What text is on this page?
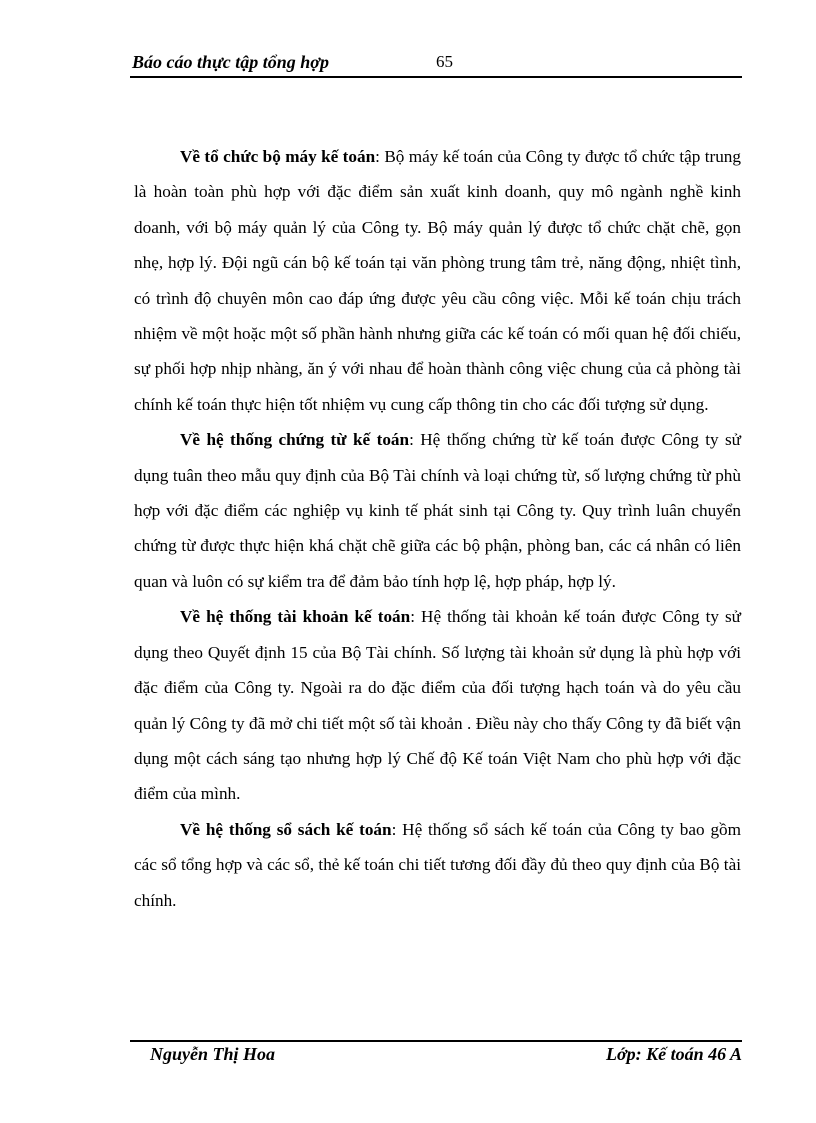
Báo cáo thực tập tổng hợp	65

Về tổ chức bộ máy kế toán: Bộ máy kế toán của Công ty được tổ chức tập trung là hoàn toàn phù hợp với đặc điểm sản xuất kinh doanh, quy mô ngành nghề kinh doanh, với bộ máy quản lý của Công ty. Bộ máy quản lý được tổ chức chặt chẽ, gọn nhẹ, hợp lý. Đội ngũ cán bộ kế toán tại văn phòng trung tâm trẻ, năng động, nhiệt tình, có trình độ chuyên môn cao đáp ứng được yêu cầu công việc. Mỗi kế toán chịu trách nhiệm về một hoặc một số phần hành nhưng giữa các kế toán có mối quan hệ đối chiếu, sự phối hợp nhịp nhàng, ăn ý với nhau để hoàn thành công việc chung của cả phòng tài chính kế toán thực hiện tốt nhiệm vụ cung cấp thông tin cho các đối tượng sử dụng.

Về hệ thống chứng từ kế toán: Hệ thống chứng từ kế toán được Công ty sử dụng tuân theo mẫu quy định của Bộ Tài chính và loại chứng từ, số lượng chứng từ phù hợp với đặc điểm các nghiệp vụ kinh tế phát sinh tại Công ty. Quy trình luân chuyển chứng từ được thực hiện khá chặt chẽ giữa các bộ phận, phòng ban, các cá nhân có liên quan và luôn có sự kiểm tra để đảm bảo tính hợp lệ, hợp pháp, hợp lý.

Về hệ thống tài khoản kế toán: Hệ thống tài khoản kế toán được Công ty sử dụng theo Quyết định 15 của Bộ Tài chính. Số lượng tài khoản sử dụng là phù hợp với đặc điểm của Công ty. Ngoài ra do đặc điểm của đối tượng hạch toán và do yêu cầu quản lý Công ty đã mở chi tiết một số tài khoản . Điều này cho thấy Công ty đã biết vận dụng một cách sáng tạo nhưng hợp lý Chế độ Kế toán Việt Nam cho phù hợp với đặc điểm của mình.

Về hệ thống sổ sách kế toán: Hệ thống sổ sách kế toán của Công ty bao gồm các sổ tổng hợp và các sổ, thẻ kế toán chi tiết tương đối đầy đủ theo quy định của Bộ tài chính.

Nguyễn Thị Hoa	Lớp: Kế toán 46 A
